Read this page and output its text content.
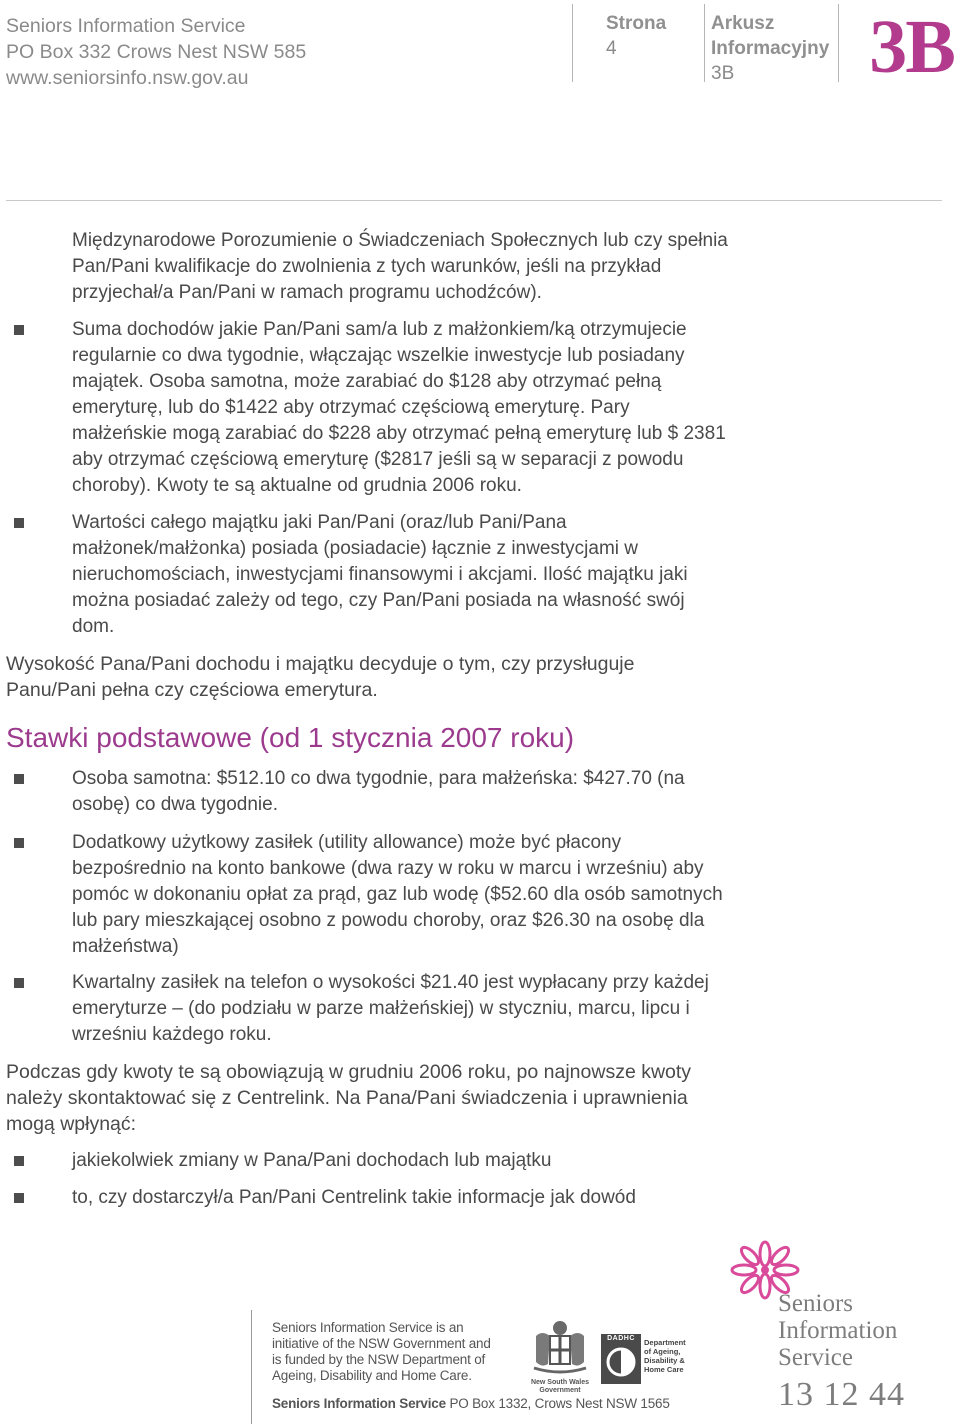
Seniors Information Service
PO Box 332 Crows Nest NSW 585
www.seniorsinfo.nsw.gov.au
Strona
4
Arkusz
Informacyjny
3B	3B
Międzynarodowe Porozumienie o Świadczeniach Społecznych lub czy spełnia
Pan/Pani kwalifikacje do zwolnienia z tych warunków, jeśli na przykład
przyjechał/a Pan/Pani w ramach programu uchodźców).
Suma dochodów jakie Pan/Pani sam/a lub z małżonkiem/ką otrzymujecie
regularnie co dwa tygodnie, włączając wszelkie inwestycje lub posiadany
majątek. Osoba samotna, może zarabiać do $128 aby otrzymać pełną
emeryturę, lub do $1422 aby otrzymać częściową emeryturę. Pary
małżeńskie mogą zarabiać do $228 aby otrzymać pełną emeryturę lub $ 2381
aby otrzymać częściową emeryturę ($2817 jeśli są w separacji z powodu
choroby). Kwoty te są aktualne od grudnia 2006 roku.
Wartości całego majątku jaki Pan/Pani (oraz/lub Pani/Pana
małżonek/małżonka) posiada (posiadacie) łącznie z inwestycjami w
nieruchomościach, inwestycjami finansowymi i akcjami. Ilość majątku jaki
można posiadać zależy od tego, czy Pan/Pani posiada na własność swój
dom.
Wysokość Pana/Pani dochodu i majątku decyduje o tym, czy przysługuje
Panu/Pani pełna czy częściowa emerytura.
Stawki podstawowe (od 1 stycznia 2007 roku)
Osoba samotna: $512.10 co dwa tygodnie, para małżeńska: $427.70 (na
osobę) co dwa tygodnie.
Dodatkowy użytkowy zasiłek (utility allowance) może być płacony
bezpośrednio na konto bankowe (dwa razy w roku w marcu i wrześniu) aby
pomóc w dokonaniu opłat za prąd, gaz lub wodę ($52.60 dla osób samotnych
lub pary mieszkającej osobno z powodu choroby, oraz $26.30 na osobę dla
małżeństwa)
Kwartalny zasiłek na telefon o wysokości $21.40 jest wypłacany przy każdej
emeryturze – (do podziału w parze małżeńskiej) w styczniu, marcu, lipcu i
wrześniu każdego roku.
Podczas gdy kwoty te są obowiązują w grudniu 2006 roku, po najnowsze kwoty
należy skontaktować się z Centrelink. Na Pana/Pani świadczenia i uprawnienia
mogą wpłynąć:
jakiekolwiek zmiany w Pana/Pani dochodach lub majątku
to, czy dostarczył/a Pan/Pani Centrelink takie informacje jak dowód
Seniors Information Service is an
initiative of the NSW Government and
is funded by the NSW Department of
Ageing, Disability and Home Care.
Seniors Information Service PO Box 1332, Crows Nest NSW 1565
New South Wales
Government
DADHC	Department
of Ageing,
Disability &
Home Care
Seniors
Information
Service
13 12 44
